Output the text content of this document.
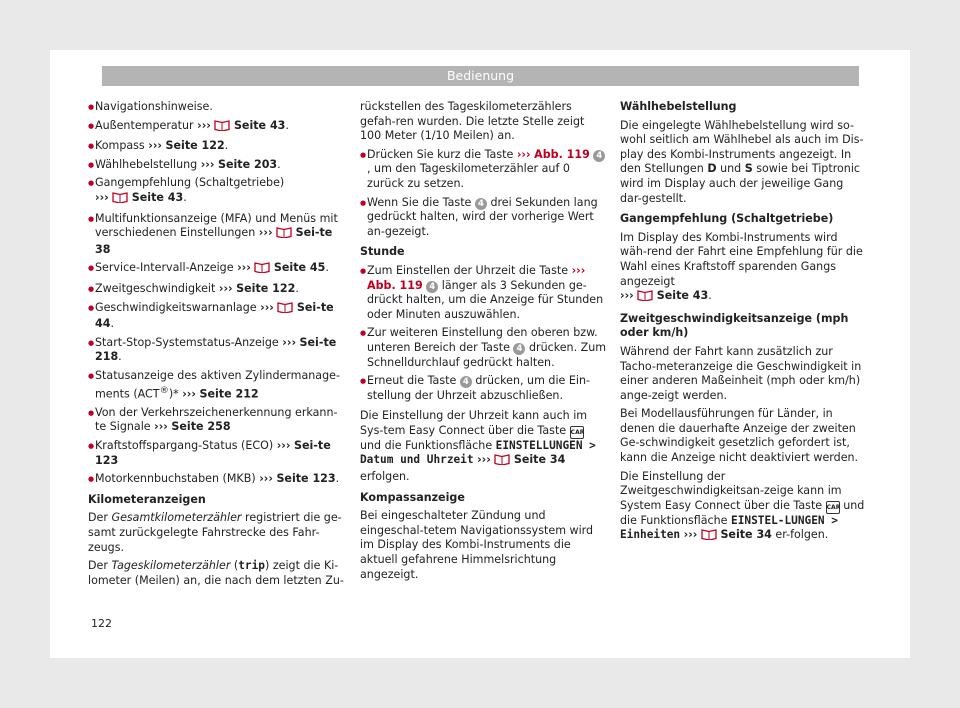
Bedienung

● Navigationshinweise.

● Außentemperatur ››› Seite 43.

● Kompass ››› Seite 122.

● Wählhebelstellung ››› Seite 203.

● Gangempfehlung (Schaltgetriebe)
››› Seite 43.

● Multifunktionsanzeige (MFA) und Menüs mit verschiedenen Einstellungen ››› Sei-te 38

● Service-Intervall-Anzeige ››› Seite 45.

● Zweitgeschwindigkeit ››› Seite 122.

● Geschwindigkeitswarnanlage ››› Sei-te 44.

● Start-Stop-Systemstatus-Anzeige ››› Sei-te 218.

● Statusanzeige des aktiven Zylindermanage-ments (ACT®)* ››› Seite 212

● Von der Verkehrszeichenerkennung erkann-te Signale ››› Seite 258

● Kraftstoffspargang-Status (ECO) ››› Sei-te 123

● Motorkennbuchstaben (MKB) ››› Seite 123.

Kilometeranzeigen

Der Gesamtkilometerzähler registriert die ge-samt zurückgelegte Fahrstrecke des Fahr-zeugs.

Der Tageskilometerzähler (trip) zeigt die Ki-lometer (Meilen) an, die nach dem letzten Zu-

rückstellen des Tageskilometerzählers gefah-ren wurden. Die letzte Stelle zeigt 100 Meter (1/10 Meilen) an.

● Drücken Sie kurz die Taste ››› Abb. 119 4, um den Tageskilometerzähler auf 0 zurück zu setzen.

● Wenn Sie die Taste 4 drei Sekunden lang gedrückt halten, wird der vorherige Wert an-gezeigt.

Stunde

● Zum Einstellen der Uhrzeit die Taste ››› Abb. 119 4 länger als 3 Sekunden ge-drückt halten, um die Anzeige für Stunden oder Minuten auszuwählen.

● Zur weiteren Einstellung den oberen bzw. unteren Bereich der Taste 4 drücken. Zum Schnelldurchlauf gedrückt halten.

● Erneut die Taste 4 drücken, um die Ein-stellung der Uhrzeit abzuschließen.

Die Einstellung der Uhrzeit kann auch im Sys-tem Easy Connect über die Taste CAR und die Funktionsfläche EINSTELLUNGEN > Datum und Uhrzeit ››› Seite 34 erfolgen.

Kompassanzeige

Bei eingeschalteter Zündung und eingeschal-tetem Navigationssystem wird im Display des Kombi-Instruments die aktuell gefahrene Himmelsrichtung angezeigt.

Wählhebelstellung

Die eingelegte Wählhebelstellung wird so-wohl seitlich am Wählhebel als auch im Dis-play des Kombi-Instruments angezeigt. In den Stellungen D und S sowie bei Tiptronic wird im Display auch der jeweilige Gang dar-gestellt.

Gangempfehlung (Schaltgetriebe)

Im Display des Kombi-Instruments wird wäh-rend der Fahrt eine Empfehlung für die Wahl eines Kraftstoff sparenden Gangs angezeigt
››› Seite 43.

Zweitgeschwindigkeitsanzeige (mph oder km/h)

Während der Fahrt kann zusätzlich zur Tacho-meteranzeige die Geschwindigkeit in einer anderen Maßeinheit (mph oder km/h) ange-zeigt werden.

Bei Modellausführungen für Länder, in denen die dauerhafte Anzeige der zweiten Ge-schwindigkeit gesetzlich gefordert ist, kann die Anzeige nicht deaktiviert werden.

Die Einstellung der Zweitgeschwindigkeitsan-zeige kann im System Easy Connect über die Taste CAR und die Funktionsfläche EINSTEL-LUNGEN > Einheiten ››› Seite 34 er-folgen.

122
